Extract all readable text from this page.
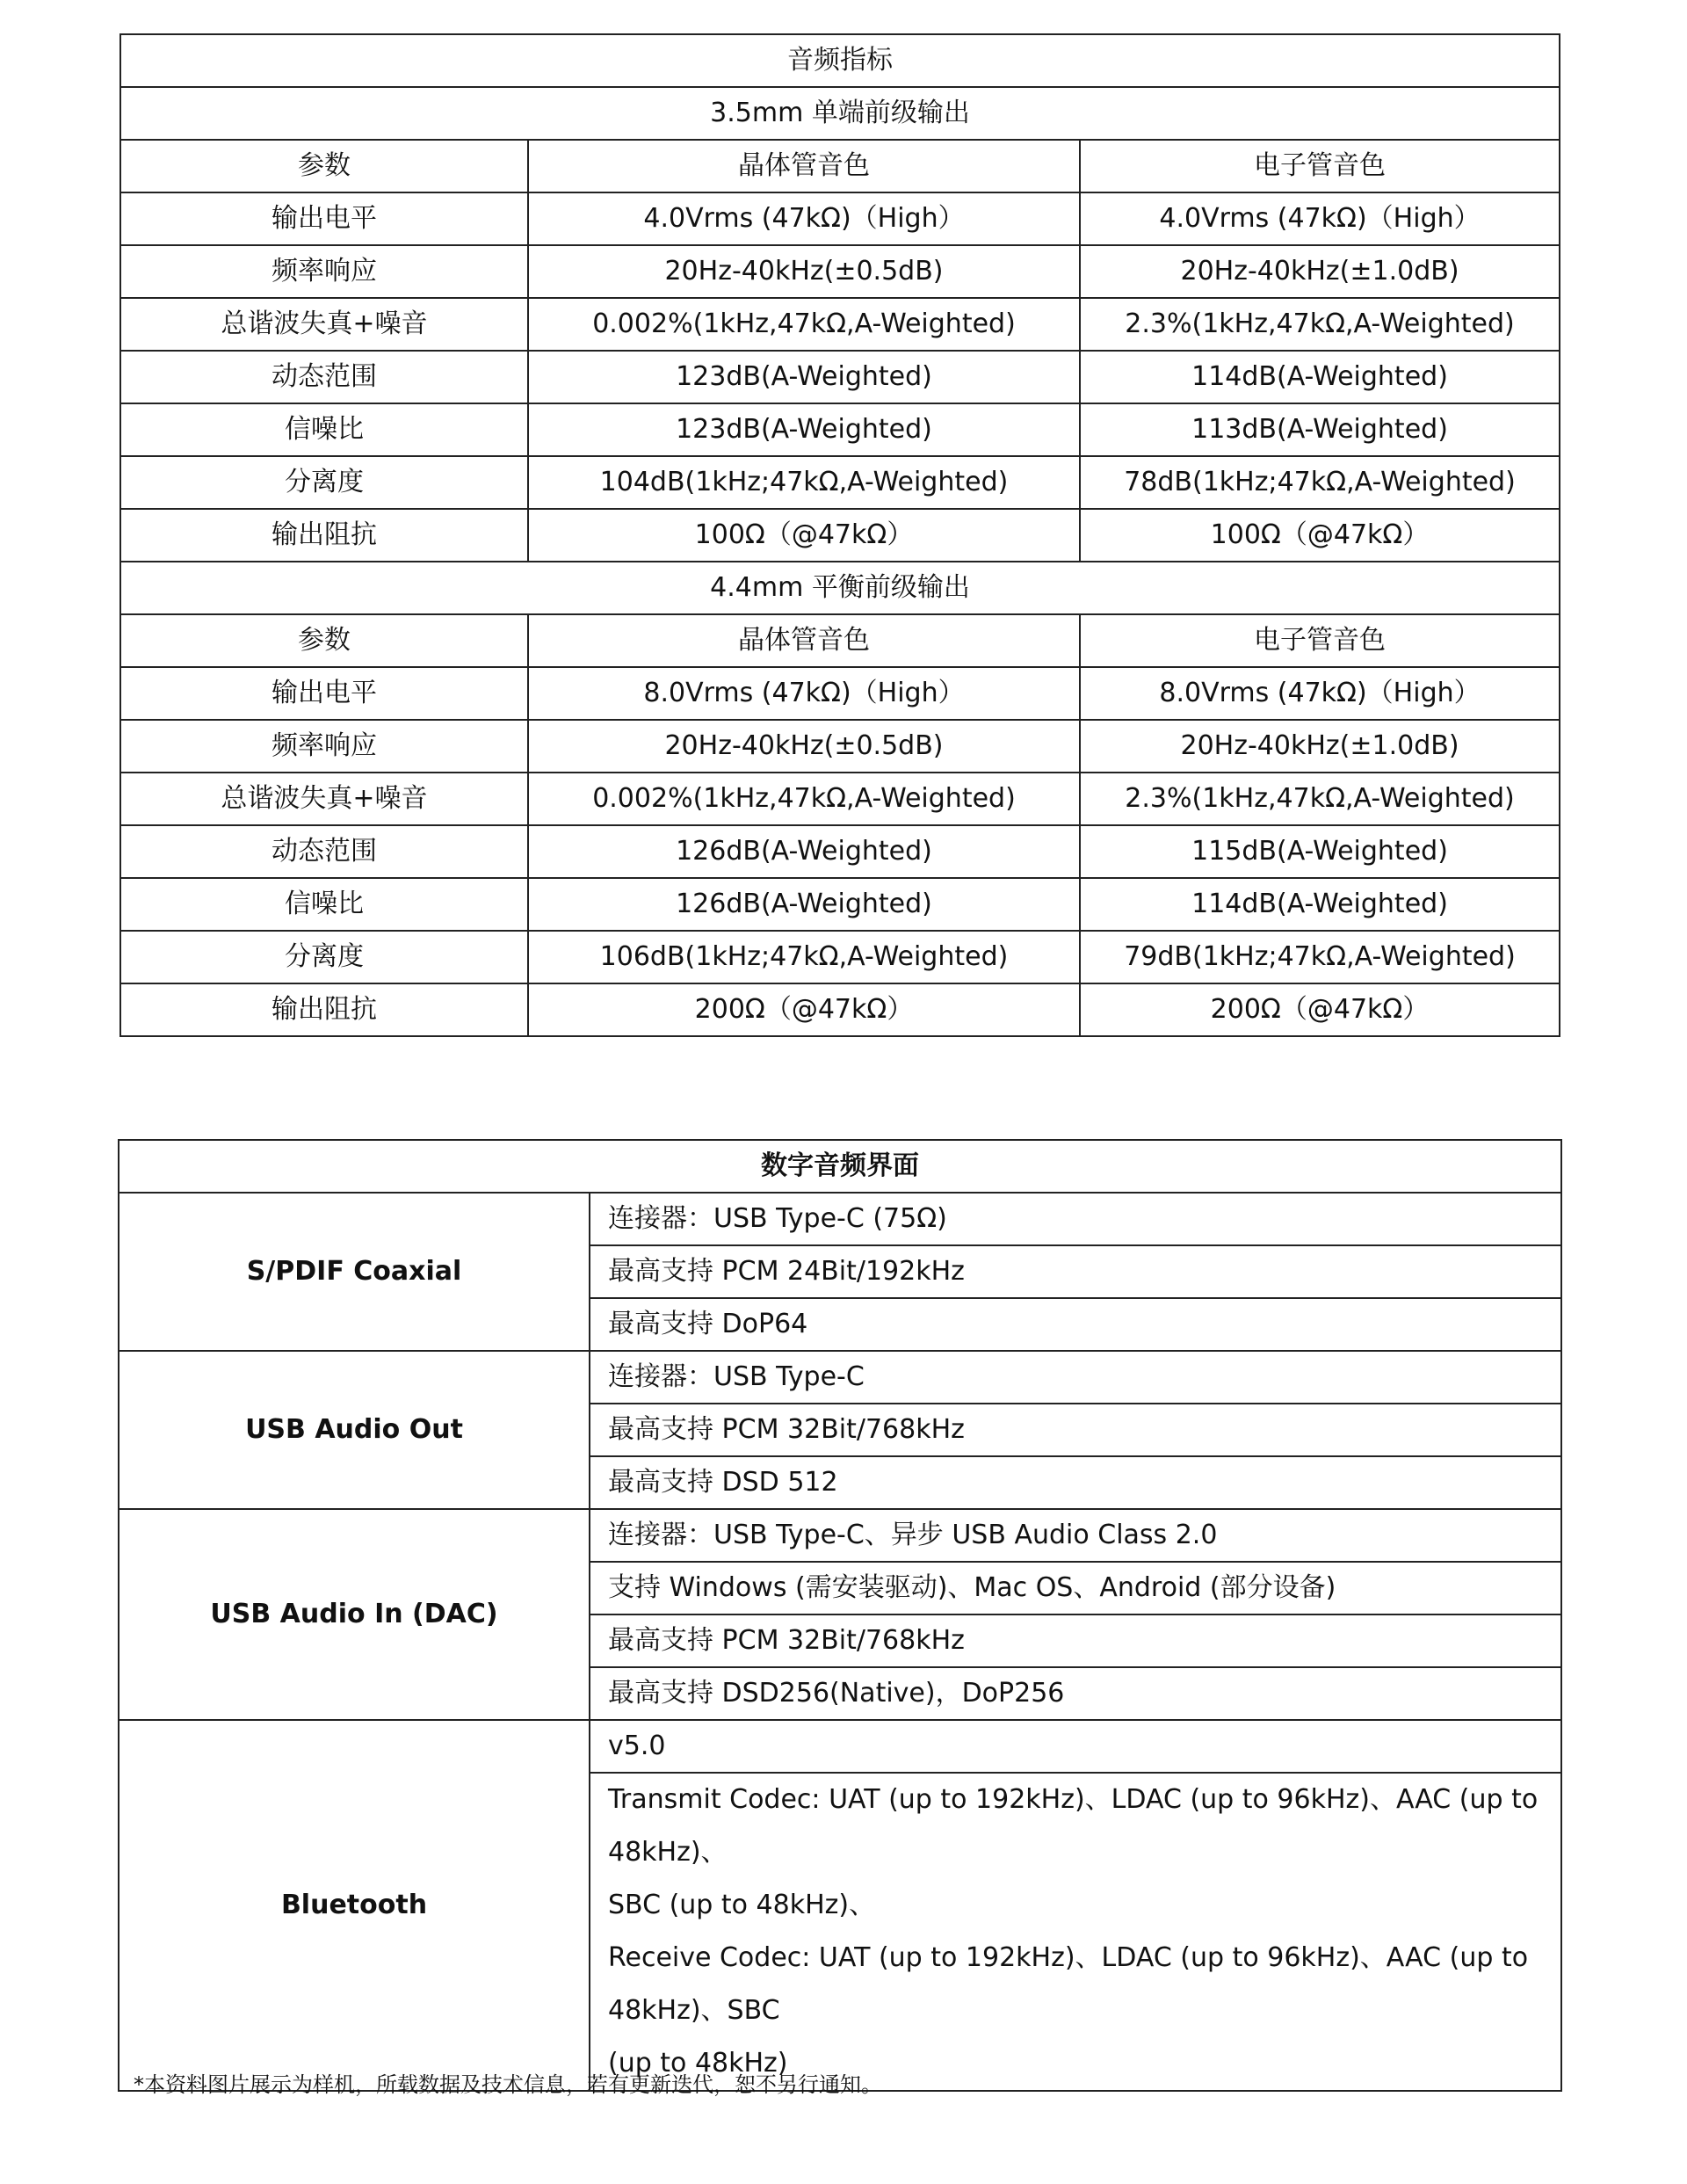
音频指标		
3.5mm 单端前级输出		
参数	晶体管音色	电子管音色
输出电平	4.0Vrms (47kΩ)（High）	4.0Vrms (47kΩ)（High）
频率响应	20Hz-40kHz(±0.5dB)	20Hz-40kHz(±1.0dB)
总谐波失真+噪音	0.002%(1kHz,47kΩ,A-Weighted)	2.3%(1kHz,47kΩ,A-Weighted)
动态范围	123dB(A-Weighted)	114dB(A-Weighted)
信噪比	123dB(A-Weighted)	113dB(A-Weighted)
分离度	104dB(1kHz;47kΩ,A-Weighted)	78dB(1kHz;47kΩ,A-Weighted)
输出阻抗	100Ω（@47kΩ）	100Ω（@47kΩ）
4.4mm 平衡前级输出		
参数	晶体管音色	电子管音色
输出电平	8.0Vrms (47kΩ)（High）	8.0Vrms (47kΩ)（High）
频率响应	20Hz-40kHz(±0.5dB)	20Hz-40kHz(±1.0dB)
总谐波失真+噪音	0.002%(1kHz,47kΩ,A-Weighted)	2.3%(1kHz,47kΩ,A-Weighted)
动态范围	126dB(A-Weighted)	115dB(A-Weighted)
信噪比	126dB(A-Weighted)	114dB(A-Weighted)
分离度	106dB(1kHz;47kΩ,A-Weighted)	79dB(1kHz;47kΩ,A-Weighted)
输出阻抗	200Ω（@47kΩ）	200Ω（@47kΩ）
数字音频界面	
S/PDIF Coaxial	连接器：USB Type-C (75Ω)
	最高支持 PCM 24Bit/192kHz
	最高支持 DoP64
USB Audio Out	连接器：USB Type-C
	最高支持 PCM 32Bit/768kHz
	最高支持 DSD 512
USB Audio In (DAC)	连接器：USB Type-C、异步 USB Audio Class 2.0
	支持 Windows (需安装驱动)、Mac OS、Android (部分设备)
	最高支持 PCM 32Bit/768kHz
	最高支持 DSD256(Native)，DoP256
Bluetooth	v5.0

	Transmit Codec: UAT (up to 192kHz)、LDAC (up to 96kHz)、AAC (up to 48kHz)、
SBC (up to 48kHz)、
Receive Codec: UAT (up to 192kHz)、LDAC (up to 96kHz)、AAC (up to 48kHz)、SBC
(up to 48kHz)
*本资料图片展示为样机，所载数据及技术信息，若有更新迭代，恕不另行通知。
